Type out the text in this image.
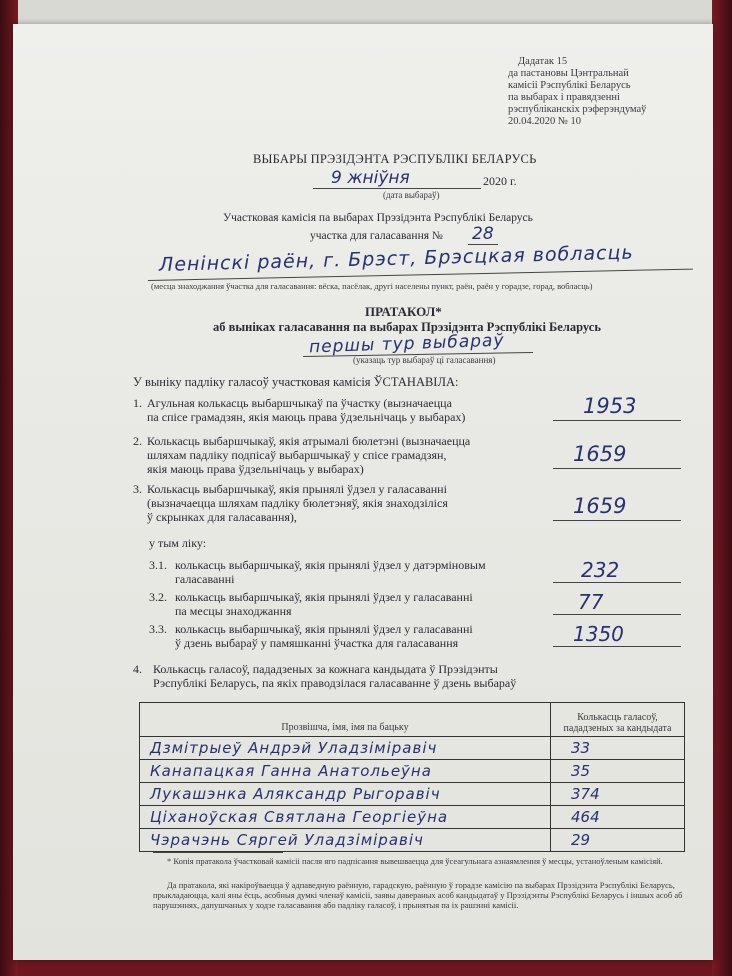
Дадатак 15
да пастановы Цэнтральнай
камісіі Рэспублікі Беларусь
па выбарах і правядзенні
рэспубліканскіх рэферэндумаў
20.04.2020 № 10
ВЫБАРЫ ПРЭЗІДЭНТА РЭСПУБЛІКІ БЕЛАРУСЬ
9 жніўня	2020 г.
(дата выбараў)
Участковая камісія па выбарах Прэзідэнта Рэспублікі Беларусь
участка для галасавання № 28
Ленінскі раён, г. Брэст, Брэсцкая вобласць
(месца знаходжання ўчастка для галасавання: вёска, пасёлак, другі населены пункт, раён, раён у горадзе, горад, вобласць)
ПРАТАКОЛ*
аб выніках галасавання па выбарах Прэзідэнта Рэспублікі Беларусь
першы тур выбараў
(указаць тур выбараў ці галасавання)
У выніку падліку галасоў участковая камісія ЎСТАНАВІЛА:
1. Агульная колькасць выбаршчыкаў па ўчастку (вызначаецца
па спісе грамадзян, якія маюць права ўдзельнічаць у выбарах)	1953
2. Колькасць выбаршчыкаў, якія атрымалі бюлетэні (вызначаецца
шляхам падліку подпісаў выбаршчыкаў у спісе грамадзян,
якія маюць права ўдзельнічаць у выбарах)
1659
3. Колькасць выбаршчыкаў, якія прынялі ўдзел у галасаванні
(вызначаецца шляхам падліку бюлетэняў, якія знаходзіліся
ў скрынках для галасавання),	1659
у тым ліку:
3.1. колькасць выбаршчыкаў, якія прынялі ўдзел у датэрміновым
галасаванні	232
3.2. колькасць выбаршчыкаў, якія прынялі ўдзел у галасаванні
па месцы знаходжання	77
3.3. колькасць выбаршчыкаў, якія прынялі ўдзел у галасаванні
ў дзень выбараў у памяшканні ўчастка для галасавання	1350
4. Колькасць галасоў, пададзеных за кожнага кандыдата ў Прэзідэнты
Рэспублікі Беларусь, па якіх праводзілася галасаванне ў дзень выбараў
Прозвішча, імя, імя па бацьку	Колькасць галасоў,
пададзеных за кандыдата

Дзмітрыеў Андрэй Уладзіміравіч	33
Канапацкая Ганна Анатольеўна	35
Лукашэнка Аляксандр Рыгоравіч	374
Ціханоўская Святлана Георгіеўна	464
Чэрачэнь Сяргей Уладзіміравіч	29
* Копія пратакола ўчастковай камісіі пасля яго падпісання вывешваецца для ўсеагульнага азнаямлення ў месцы, устаноўленым камісіяй.
Да пратакола, які накіроўваецца ў адпаведную раённую, гарадскую, раённую ў горадзе камісію па выбарах Прэзідэнта Рэспублікі Беларусь, прыкладаюцца, калі яны ёсць, асобныя думкі членаў камісіі, заявы давераных асоб кандыдатаў у Прэзідэнты Рэспублікі Беларусь і іншых асоб аб парушэннях, дапушчаных у ходзе галасавання або падліку галасоў, і прынятыя па іх рашэнні камісіі.
